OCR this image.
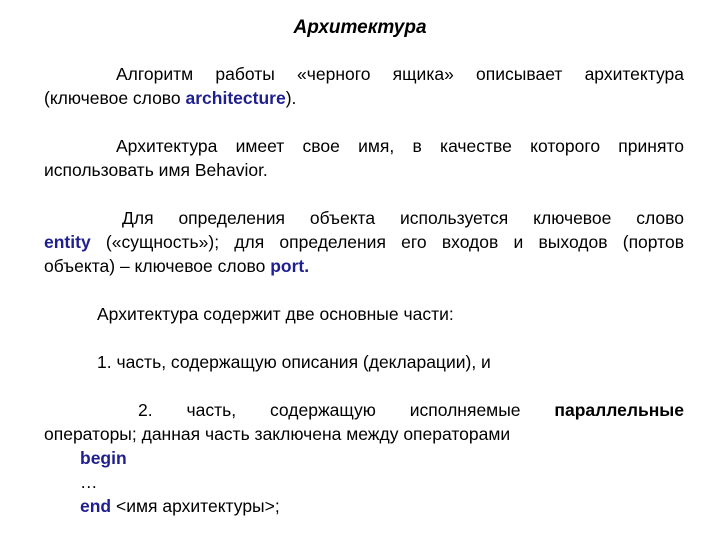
Архитектура
Алгоритм работы «черного ящика» описывает архитектура
(ключевое слово architecture).
Архитектура имеет свое имя, в качестве которого принято
использовать имя Behavior.
Для определения объекта используется ключевое слово
entity («сущность»); для определения его входов и выходов (портов
объекта) – ключевое слово port.
Архитектура содержит две основные части:
1. часть, содержащую описания (декларации), и
2. часть, содержащую исполняемые параллельные
операторы; данная часть заключена между операторами
begin
…
end <имя архитектуры>;
